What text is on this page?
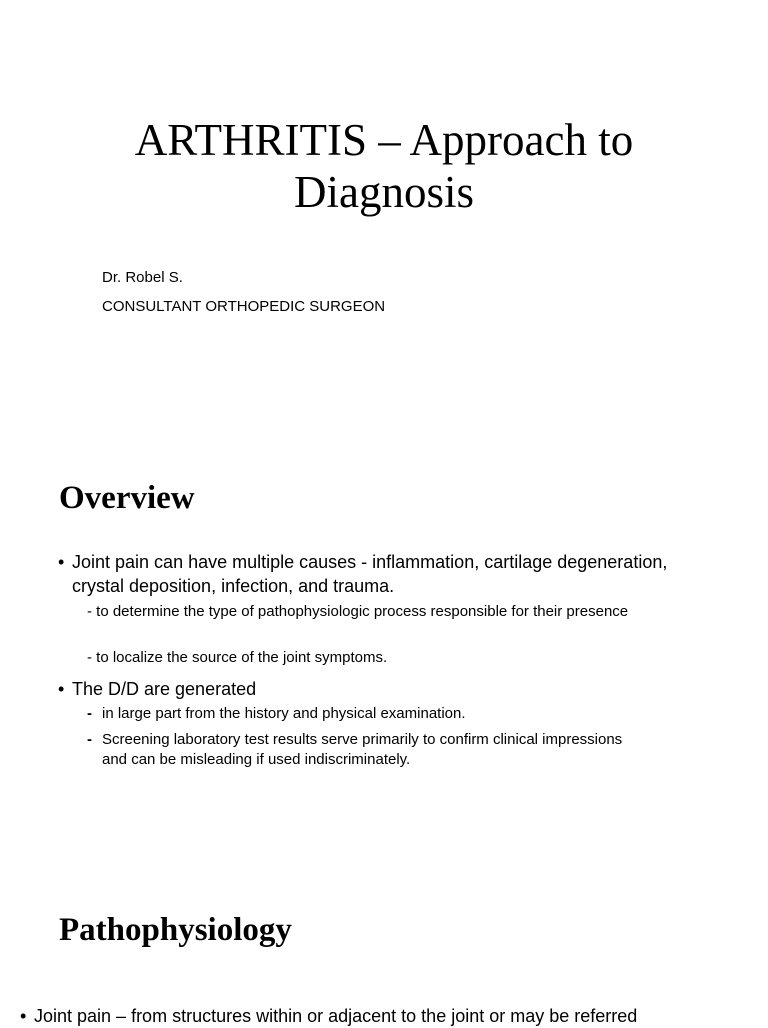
ARTHRITIS – Approach to Diagnosis
Dr. Robel S.
CONSULTANT ORTHOPEDIC SURGEON
Overview
• Joint pain can have multiple causes - inflammation, cartilage degeneration, crystal deposition, infection, and trauma.
- to determine the type of pathophysiologic process responsible for their presence
- to localize the source of the joint symptoms.
• The D/D are generated
- in large part from the history and physical examination.
- Screening laboratory test results serve primarily to confirm clinical impressions and can be misleading if used indiscriminately.
Pathophysiology
• Joint pain – from structures within or adjacent to the joint or may be referred
